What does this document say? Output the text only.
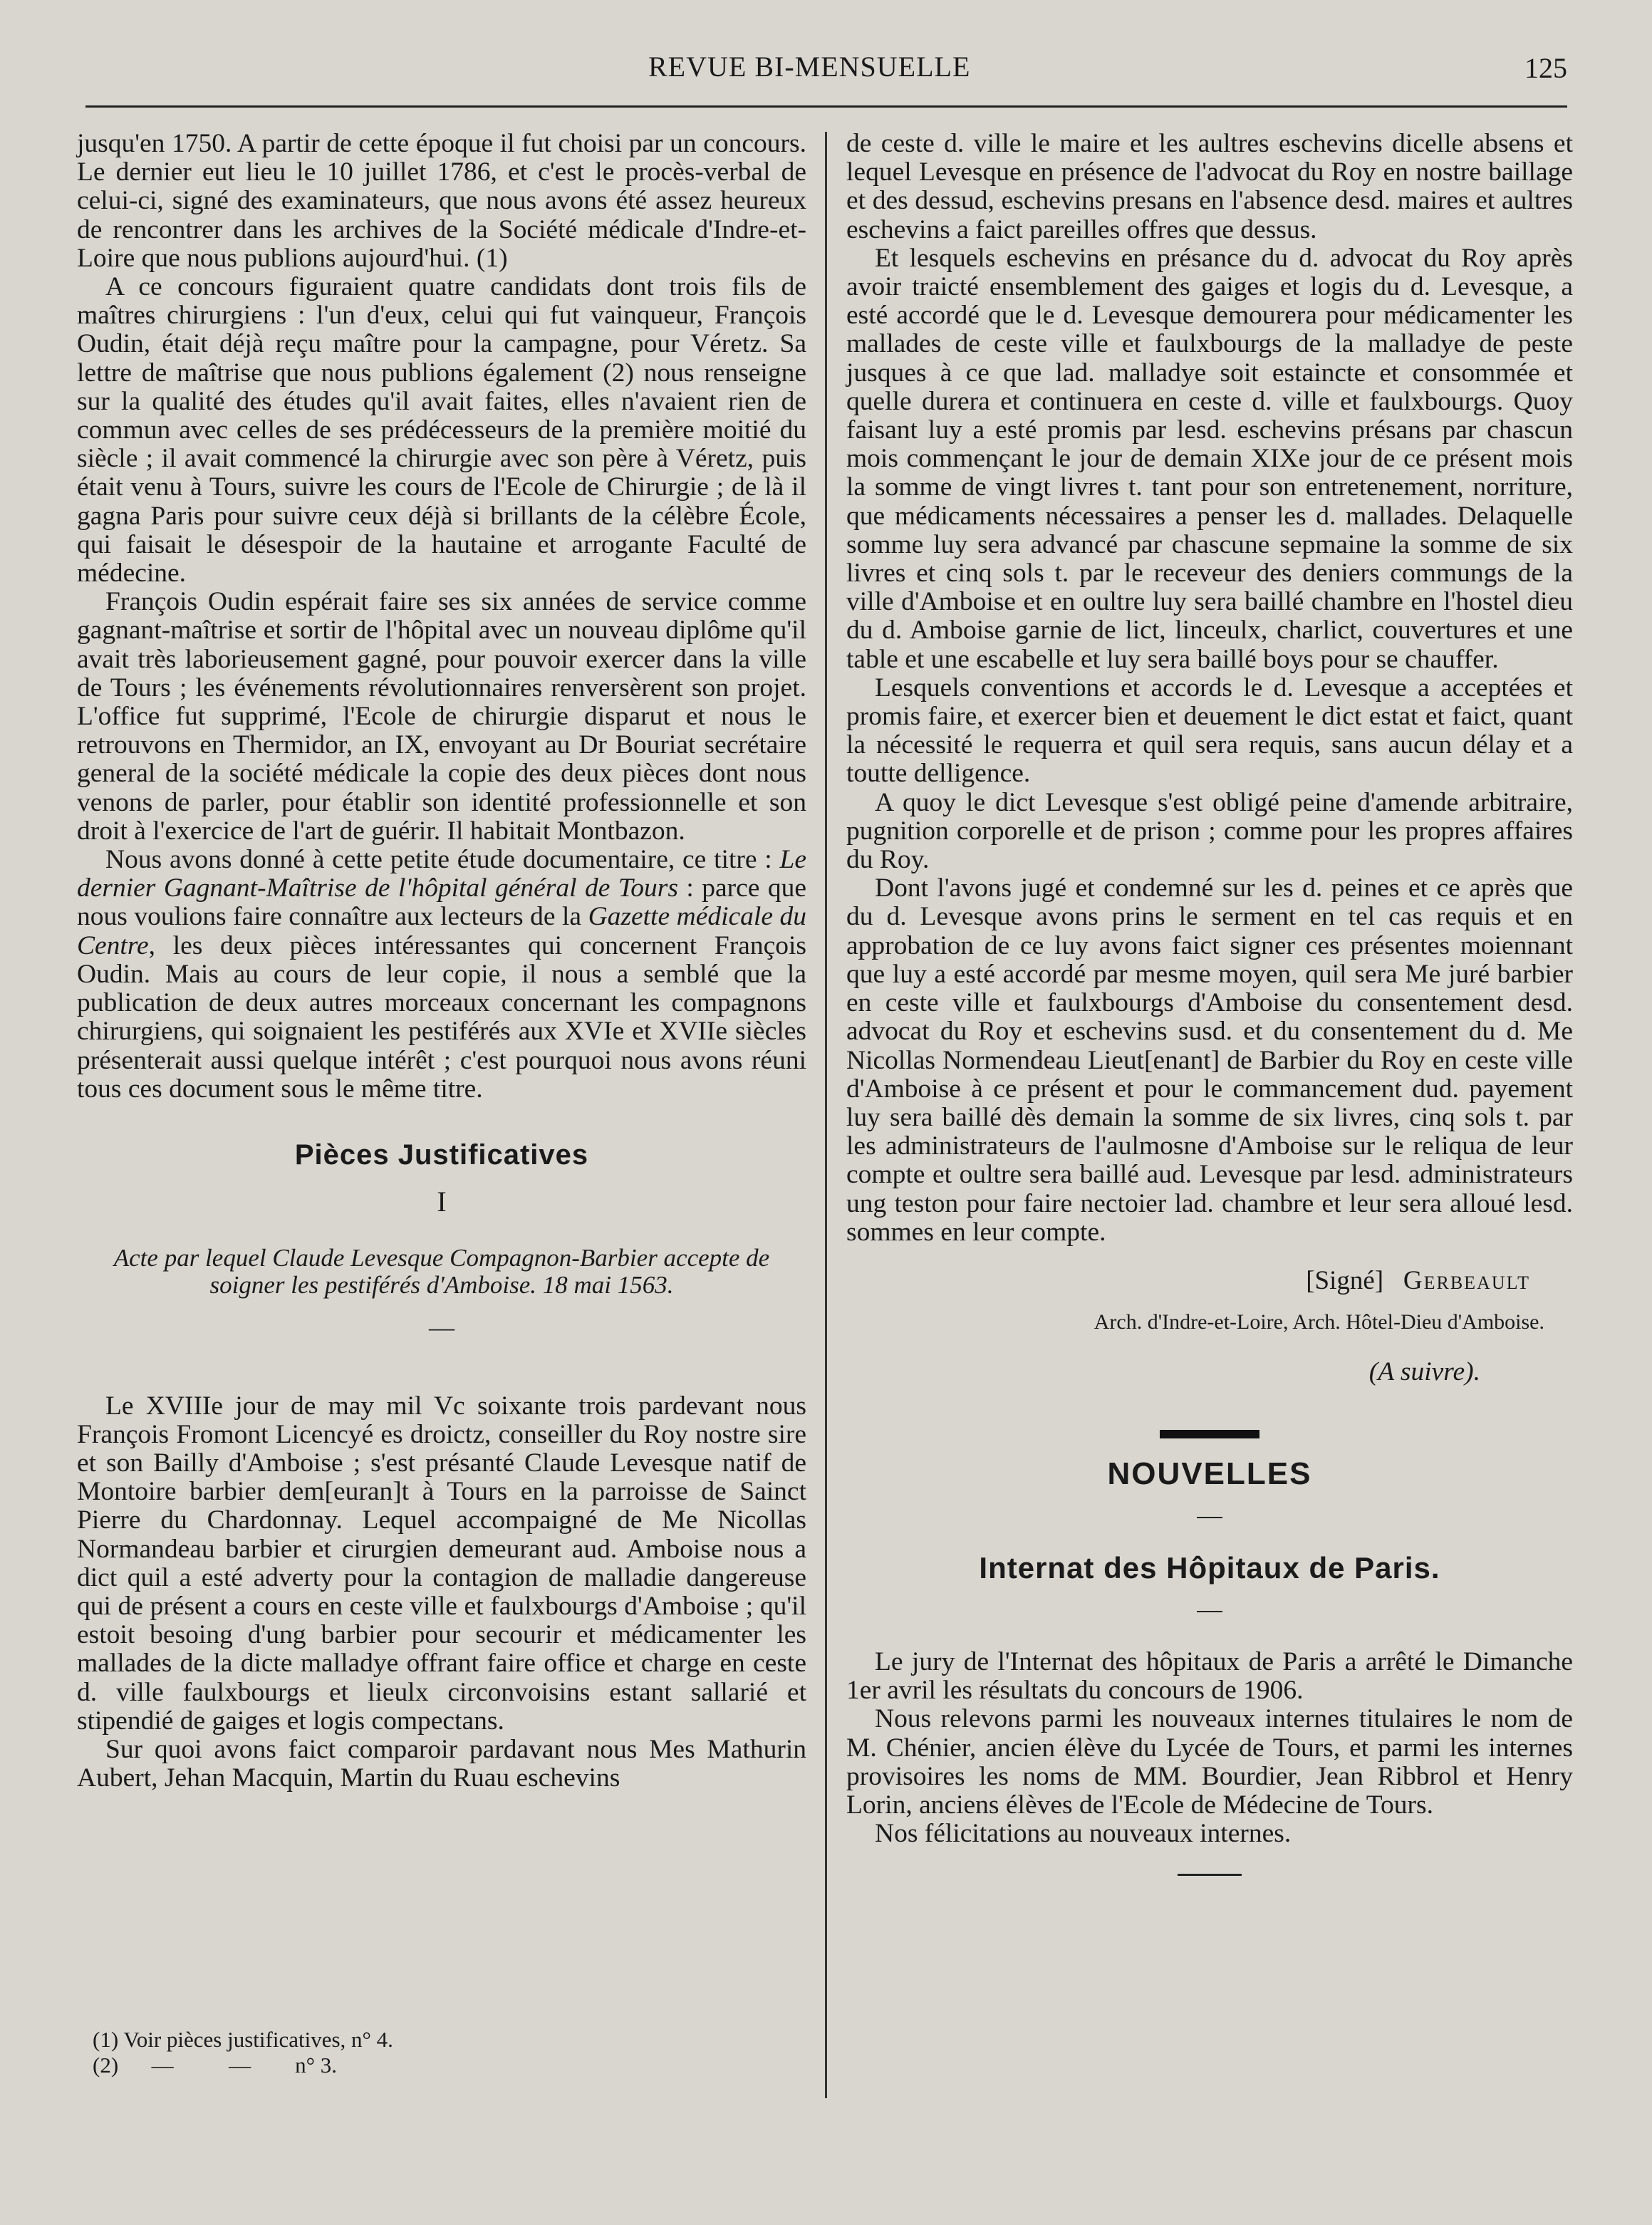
REVUE BI-MENSUELLE	125

jusqu'en 1750. A partir de cette époque il fut choisi par un concours. Le dernier eut lieu le 10 juillet 1786, et c'est le procès-verbal de celui-ci, signé des examinateurs, que nous avons été assez heureux de rencontrer dans les archives de la Société médicale d'Indre-et-Loire que nous publions aujourd'hui. (1)

A ce concours figuraient quatre candidats dont trois fils de maîtres chirurgiens : l'un d'eux, celui qui fut vainqueur, François Oudin, était déjà reçu maître pour la campagne, pour Véretz. Sa lettre de maîtrise que nous publions également (2) nous renseigne sur la qualité des études qu'il avait faites, elles n'avaient rien de commun avec celles de ses prédécesseurs de la première moitié du siècle ; il avait commencé la chirurgie avec son père à Véretz, puis était venu à Tours, suivre les cours de l'Ecole de Chirurgie ; de là il gagna Paris pour suivre ceux déjà si brillants de la célèbre École, qui faisait le désespoir de la hautaine et arrogante Faculté de médecine.

François Oudin espérait faire ses six années de service comme gagnant-maîtrise et sortir de l'hôpital avec un nouveau diplôme qu'il avait très laborieusement gagné, pour pouvoir exercer dans la ville de Tours ; les événements révolutionnaires renversèrent son projet. L'office fut supprimé, l'Ecole de chirurgie disparut et nous le retrouvons en Thermidor, an IX, envoyant au Dr Bouriat secrétaire general de la société médicale la copie des deux pièces dont nous venons de parler, pour établir son identité professionnelle et son droit à l'exercice de l'art de guérir. Il habitait Montbazon.

Nous avons donné à cette petite étude documentaire, ce titre : Le dernier Gagnant-Maîtrise de l'hôpital général de Tours : parce que nous voulions faire connaître aux lecteurs de la Gazette médicale du Centre, les deux pièces intéressantes qui concernent François Oudin. Mais au cours de leur copie, il nous a semblé que la publication de deux autres morceaux concernant les compagnons chirurgiens, qui soignaient les pestiférés aux XVIe et XVIIe siècles présenterait aussi quelque intérêt ; c'est pourquoi nous avons réuni tous ces document sous le même titre.

Pièces Justificatives
I
Acte par lequel Claude Levesque Compagnon-Barbier accepte de soigner les pestiférés d'Amboise. 18 mai 1563.
—

Le XVIIIe jour de may mil Vc soixante trois pardevant nous François Fromont Licencyé es droictz, conseiller du Roy nostre sire et son Bailly d'Amboise ; s'est présanté Claude Levesque natif de Montoire barbier dem[euran]t à Tours en la parroisse de Sainct Pierre du Chardonnay. Lequel accompaigné de Me Nicollas Normandeau barbier et cirurgien demeurant aud. Amboise nous a dict quil a esté adverty pour la contagion de malladie dangereuse qui de présent a cours en ceste ville et faulxbourgs d'Amboise ; qu'il estoit besoing d'ung barbier pour secourir et médicamenter les mallades de la dicte malladye offrant faire office et charge en ceste d. ville faulxbourgs et lieulx circonvoisins estant sallarié et stipendié de gaiges et logis compectans.

Sur quoi avons faict comparoir pardavant nous Mes Mathurin Aubert, Jehan Macquin, Martin du Ruau eschevins

(1) Voir pièces justificatives, n° 4.
(2)      —          —        n° 3.

de ceste d. ville le maire et les aultres eschevins dicelle absens et lequel Levesque en présence de l'advocat du Roy en nostre baillage et des dessud, eschevins presans en l'absence desd. maires et aultres eschevins a faict pareilles offres que dessus.

Et lesquels eschevins en présance du d. advocat du Roy après avoir traicté ensemblement des gaiges et logis du d. Levesque, a esté accordé que le d. Levesque demourera pour médicamenter les mallades de ceste ville et faulxbourgs de la malladye de peste jusques à ce que lad. malladye soit estaincte et consommée et quelle durera et continuera en ceste d. ville et faulxbourgs. Quoy faisant luy a esté promis par lesd. eschevins présans par chascun mois commençant le jour de demain XIXe jour de ce présent mois la somme de vingt livres t. tant pour son entretenement, norriture, que médicaments nécessaires a penser les d. mallades. Delaquelle somme luy sera advancé par chascune sepmaine la somme de six livres et cinq sols t. par le receveur des deniers commungs de la ville d'Amboise et en oultre luy sera baillé chambre en l'hostel dieu du d. Amboise garnie de lict, linceulx, charlict, couvertures et une table et une escabelle et luy sera baillé boys pour se chauffer.

Lesquels conventions et accords le d. Levesque a acceptées et promis faire, et exercer bien et deuement le dict estat et faict, quant la nécessité le requerra et quil sera requis, sans aucun délay et a toutte delligence.

A quoy le dict Levesque s'est obligé peine d'amende arbitraire, pugnition corporelle et de prison ; comme pour les propres affaires du Roy.

Dont l'avons jugé et condemné sur les d. peines et ce après que du d. Levesque avons prins le serment en tel cas requis et en approbation de ce luy avons faict signer ces présentes moiennant que luy a esté accordé par mesme moyen, quil sera Me juré barbier en ceste ville et faulxbourgs d'Amboise du consentement desd. advocat du Roy et eschevins susd. et du consentement du d. Me Nicollas Normendeau Lieut[enant] de Barbier du Roy en ceste ville d'Amboise à ce présent et pour le commancement dud. payement luy sera baillé dès demain la somme de six livres, cinq sols t. par les administrateurs de l'aulmosne d'Amboise sur le reliqua de leur compte et oultre sera baillé aud. Levesque par lesd. administrateurs ung teston pour faire nectoier lad. chambre et leur sera alloué lesd. sommes en leur compte.

[Signé] Gerbeault
Arch. d'Indre-et-Loire, Arch. Hôtel-Dieu d'Amboise.
(A suivre).
NOUVELLES
Internat des Hôpitaux de Paris.

Le jury de l'Internat des hôpitaux de Paris a arrêté le Dimanche 1er avril les résultats du concours de 1906.

Nous relevons parmi les nouveaux internes titulaires le nom de M. Chénier, ancien élève du Lycée de Tours, et parmi les internes provisoires les noms de MM. Bourdier, Jean Ribbrol et Henry Lorin, anciens élèves de l'Ecole de Médecine de Tours.

Nos félicitations au nouveaux internes.
